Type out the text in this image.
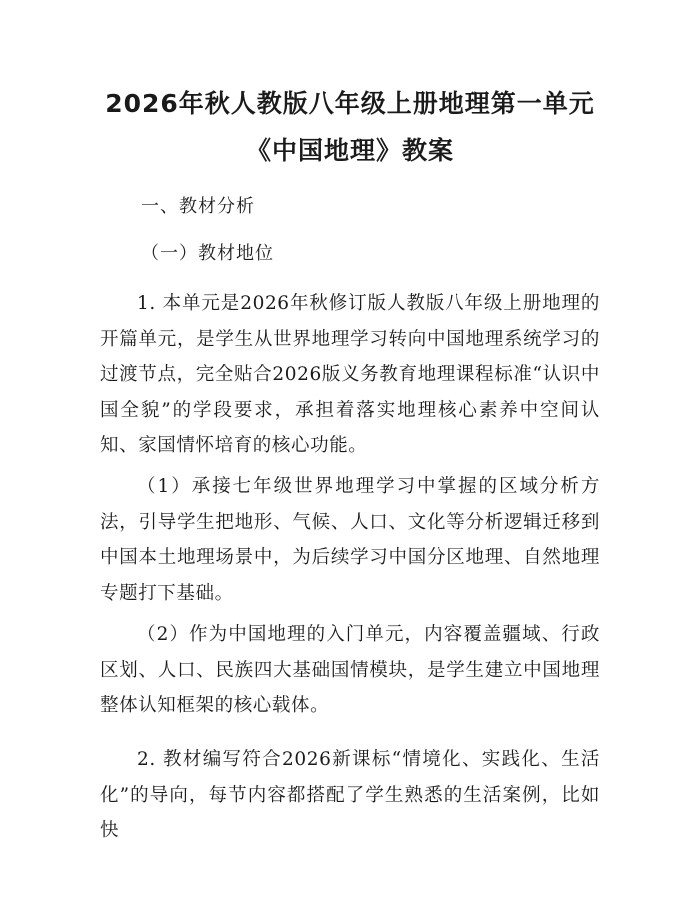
2026年秋人教版八年级上册地理第一单元
《中国地理》教案
一、教材分析
（一）教材地位

1. 本单元是2026年秋修订版人教版八年级上册地理的开篇单元，是学生从世界地理学习转向中国地理系统学习的过渡节点，完全贴合2026版义务教育地理课程标准“认识中国全貌”的学段要求，承担着落实地理核心素养中空间认知、家国情怀培育的核心功能。

（1）承接七年级世界地理学习中掌握的区域分析方法，引导学生把地形、气候、人口、文化等分析逻辑迁移到中国本土地理场景中，为后续学习中国分区地理、自然地理专题打下基础。

（2）作为中国地理的入门单元，内容覆盖疆域、行政区划、人口、民族四大基础国情模块，是学生建立中国地理整体认知框架的核心载体。

2. 教材编写符合2026新课标“情境化、实践化、生活化”的导向，每节内容都搭配了学生熟悉的生活案例，比如快
